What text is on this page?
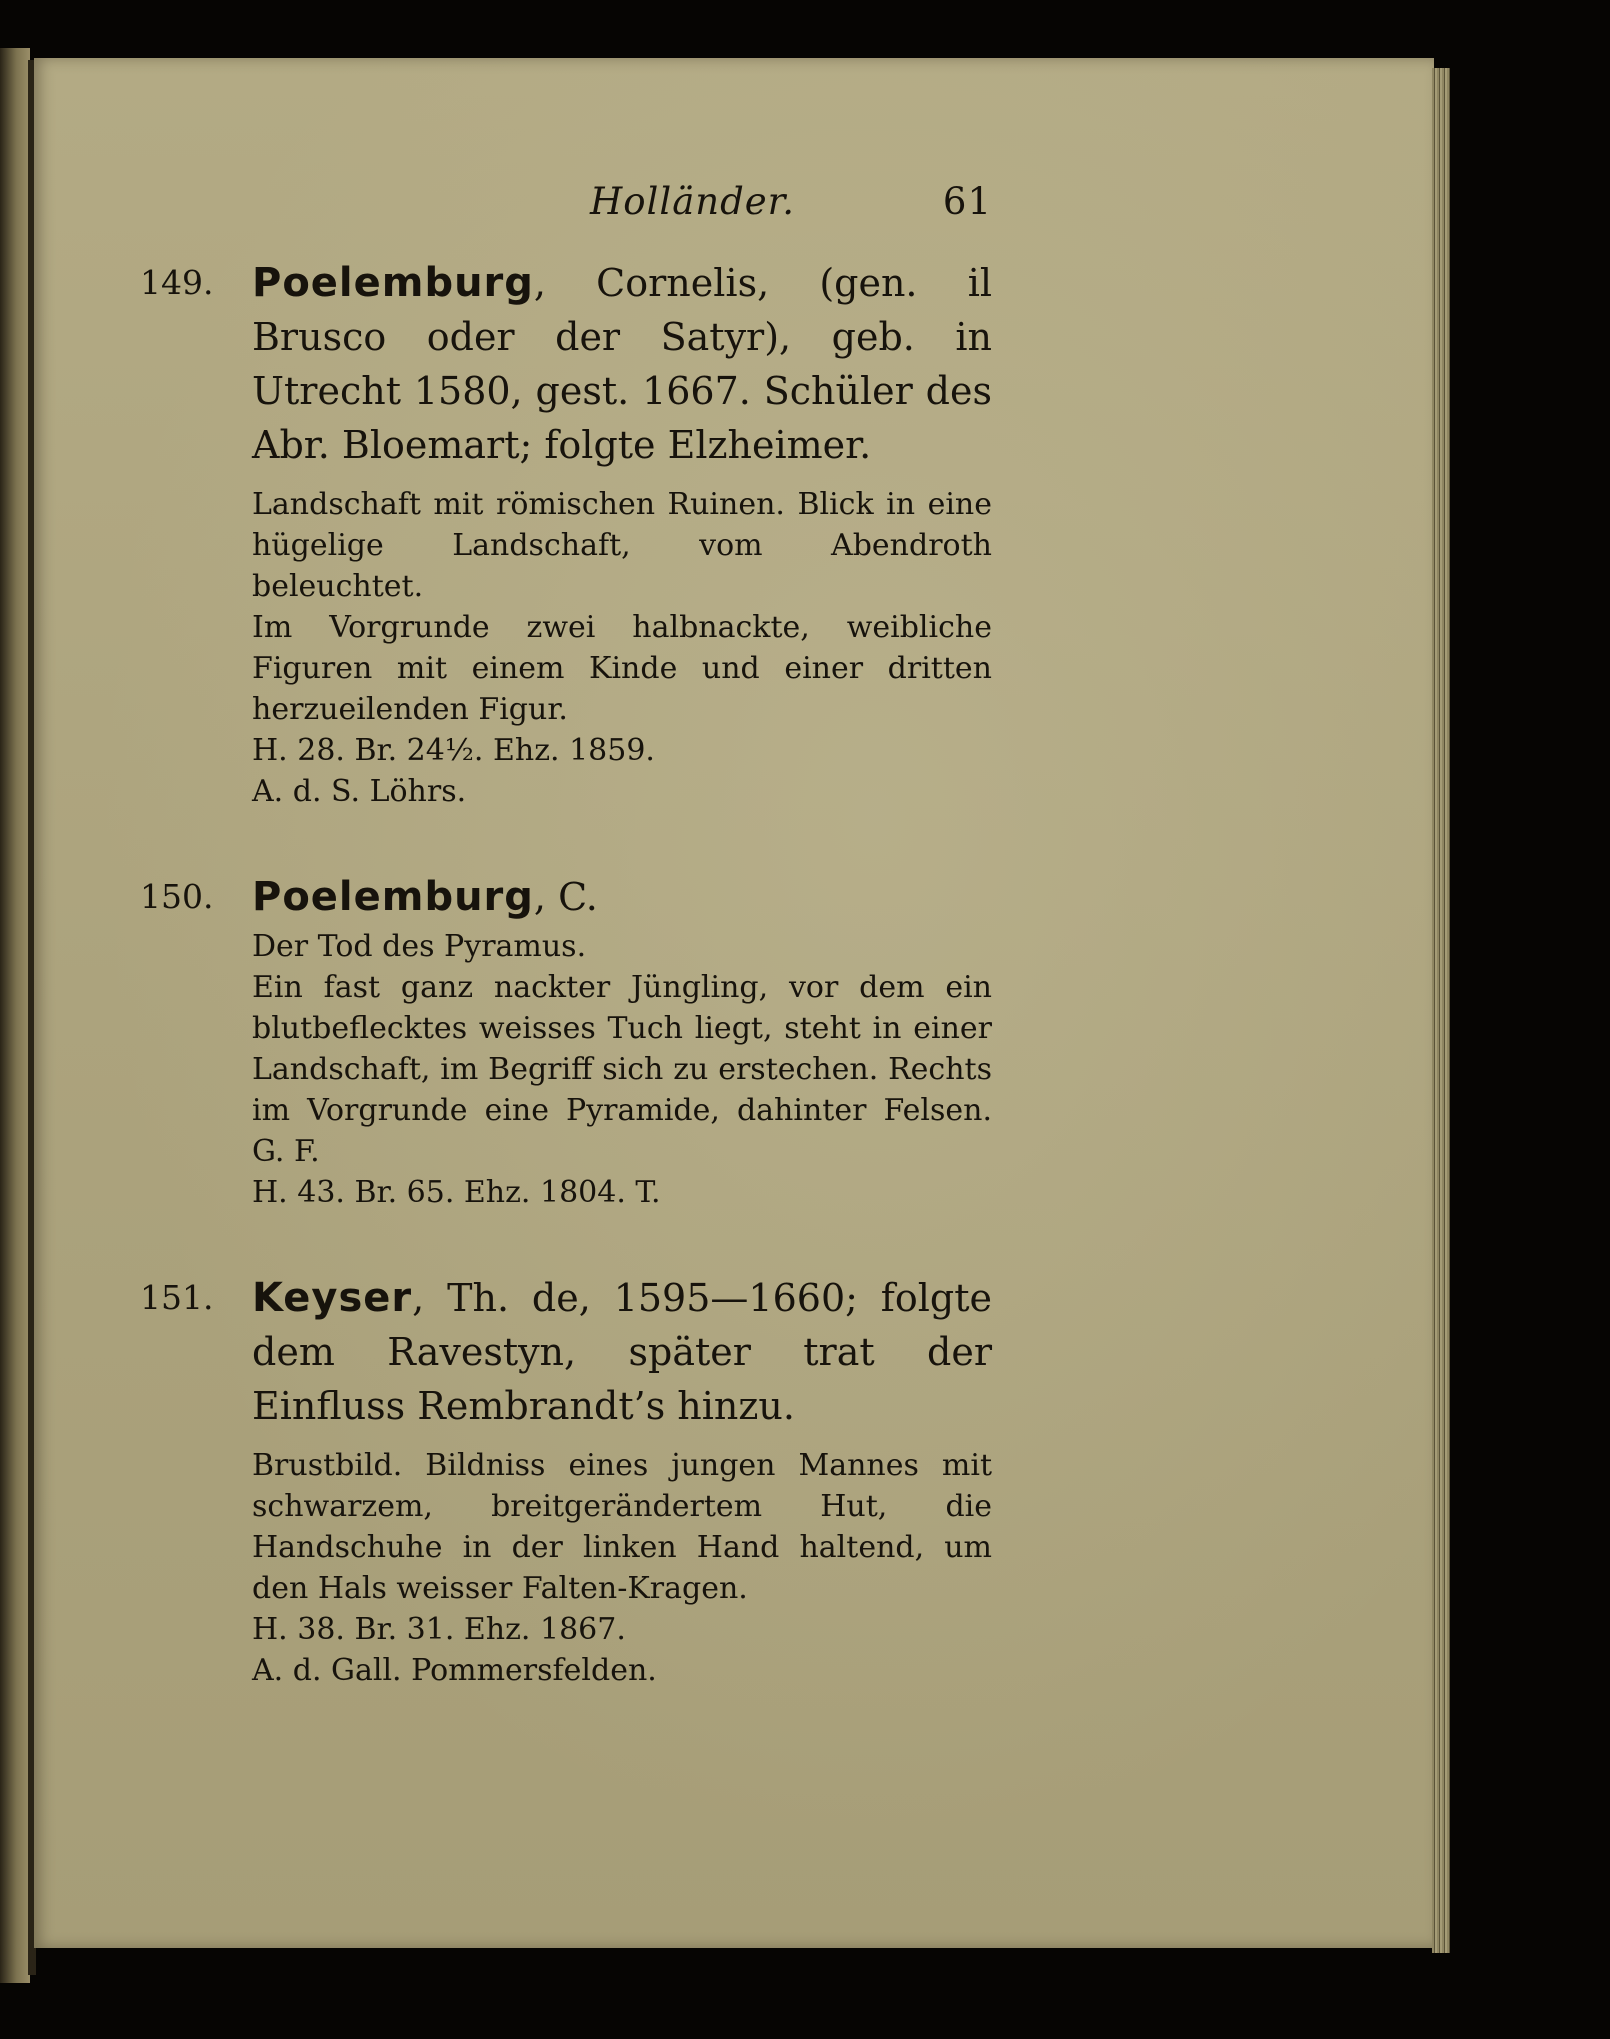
Holländer.	61
149. Poelemburg, Cornelis, (gen. il Brusco oder der Satyr), geb. in Utrecht 1580, gest. 1667. Schüler des Abr. Bloemart; folgte Elzheimer.
Landschaft mit römischen Ruinen. Blick in eine hügelige Landschaft, vom Abendroth beleuchtet.
Im Vorgrunde zwei halbnackte, weibliche Figuren mit einem Kinde und einer dritten herzueilenden Figur.
H. 28. Br. 24½. Ehz. 1859.
A. d. S. Löhrs.
150. Poelemburg, C.
Der Tod des Pyramus.
Ein fast ganz nackter Jüngling, vor dem ein blutbeflecktes weisses Tuch liegt, steht in einer Landschaft, im Begriff sich zu erstechen. Rechts im Vorgrunde eine Pyramide, dahinter Felsen. G. F.
H. 43. Br. 65. Ehz. 1804. T.
151. Keyser, Th. de, 1595—1660; folgte dem Ravestyn, später trat der Einfluss Rembrandt’s hinzu.
Brustbild. Bildniss eines jungen Mannes mit schwarzem, breitgerändertem Hut, die Handschuhe in der linken Hand haltend, um den Hals weisser Falten-Kragen.
H. 38. Br. 31. Ehz. 1867.
A. d. Gall. Pommersfelden.
